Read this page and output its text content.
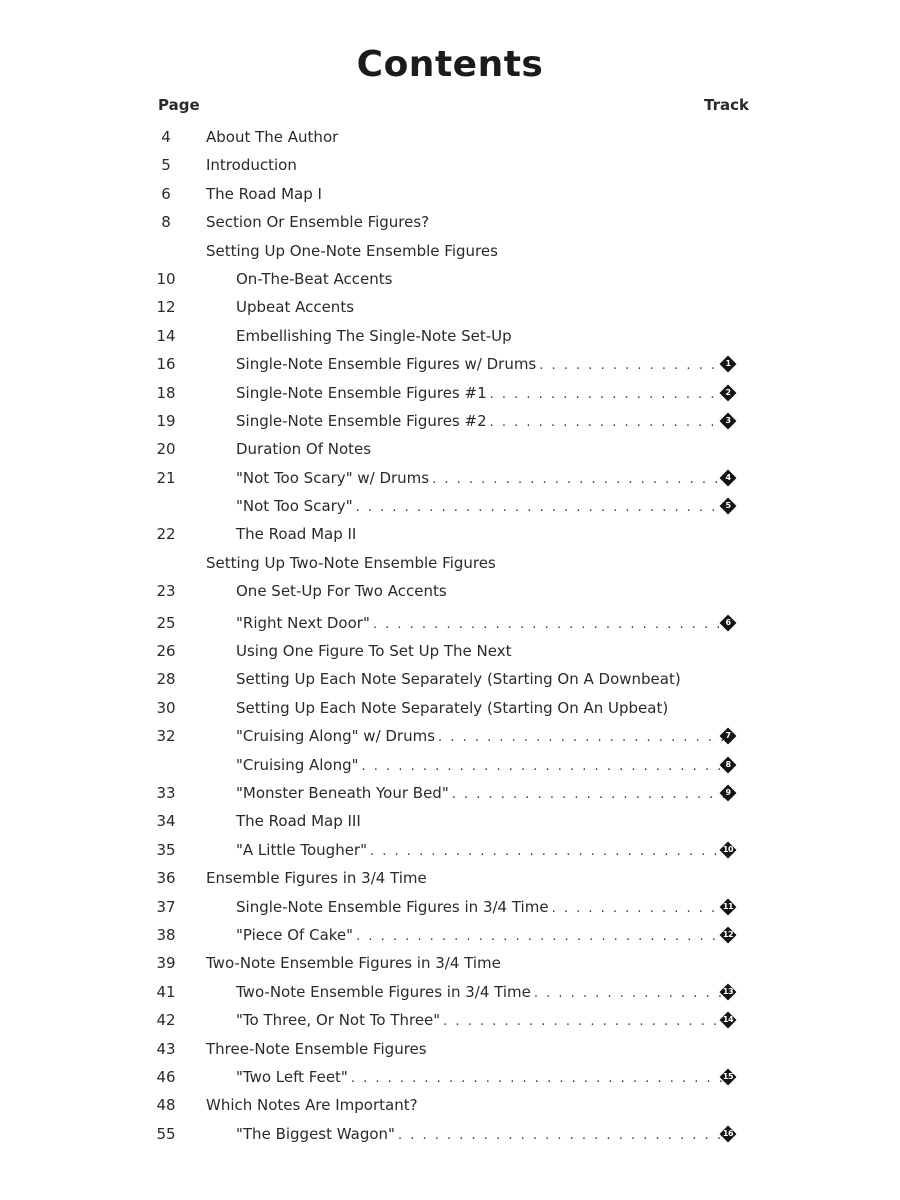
Contents
Page	Track
4	About The Author
5	Introduction
6	The Road Map I
8	Section Or Ensemble Figures?
Setting Up One-Note Ensemble Figures
10	On-The-Beat Accents
12	Upbeat Accents
14	Embellishing The Single-Note Set-Up
16	Single-Note Ensemble Figures w/ Drums . . .	1
18	Single-Note Ensemble Figures #1 . . .	2
19	Single-Note Ensemble Figures #2 . . .	3
20	Duration Of Notes
21	"Not Too Scary" w/ Drums . . .	4
"Not Too Scary" . . .	5
22	The Road Map II
Setting Up Two-Note Ensemble Figures
23	One Set-Up For Two Accents
25	"Right Next Door" . . .	6
26	Using One Figure To Set Up The Next
28	Setting Up Each Note Separately (Starting On A Downbeat)
30	Setting Up Each Note Separately (Starting On An Upbeat)
32	"Cruising Along" w/ Drums . . .	7
"Cruising Along" . . .	8
33	"Monster Beneath Your Bed" . . .	9
34	The Road Map III
35	"A Little Tougher" . . .	10
36	Ensemble Figures in 3/4 Time
37	Single-Note Ensemble Figures in 3/4 Time . . .	11
38	"Piece Of Cake" . . .	12
39	Two-Note Ensemble Figures in 3/4 Time
41	Two-Note Ensemble Figures in 3/4 Time . . .	13
42	"To Three, Or Not To Three" . . .	14
43	Three-Note Ensemble Figures
46	"Two Left Feet" . . .	15
48	Which Notes Are Important?
55	"The Biggest Wagon" . . .	16
